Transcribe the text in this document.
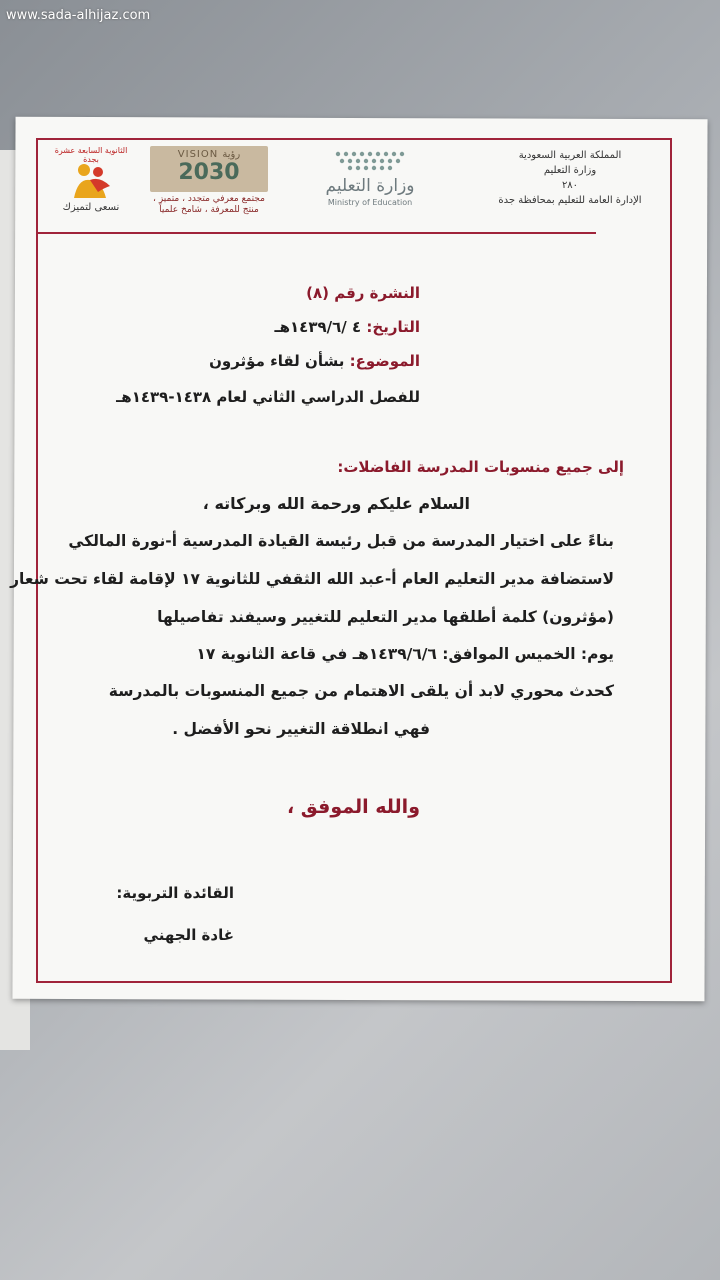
www.sada-alhijaz.com
المملكة العربية السعودية
وزارة التعليم
٢٨٠
الإدارة العامة للتعليم بمحافظة جدة
وزارة التعليم
Ministry of Education
VISION رؤية
2030
مجتمع معرفي متجدد ، متميز ، منتج للمعرفة ، شامخ علمياً
الثانوية السابعة عشرة بجدة
نسعى لتميزك
النشرة رقم (٨)
التاريخ: ٤ /١٤٣٩/٦هـ
الموضوع: بشأن لقاء مؤثرون
للفصل الدراسي الثاني لعام ١٤٣٨-١٤٣٩هـ
إلى جميع منسوبات المدرسة الفاضلات:
السلام عليكم ورحمة الله وبركاته ،
بناءً على اختيار المدرسة من قبل رئيسة القيادة المدرسية أ-نورة المالكي
لاستضافة مدير التعليم العام أ-عبد الله الثقفي للثانوية ١٧ لإقامة لقاء تحت شعار
(مؤثرون) كلمة أطلقها مدير التعليم للتغيير وسيفند تفاصيلها
يوم: الخميس الموافق: ١٤٣٩/٦/٦هـ في قاعة الثانوية ١٧
كحدث محوري لابد أن يلقى الاهتمام من جميع المنسوبات بالمدرسة
فهي انطلاقة التغيير نحو الأفضل .
والله الموفق ،
القائدة التربوية:
غادة الجهني
